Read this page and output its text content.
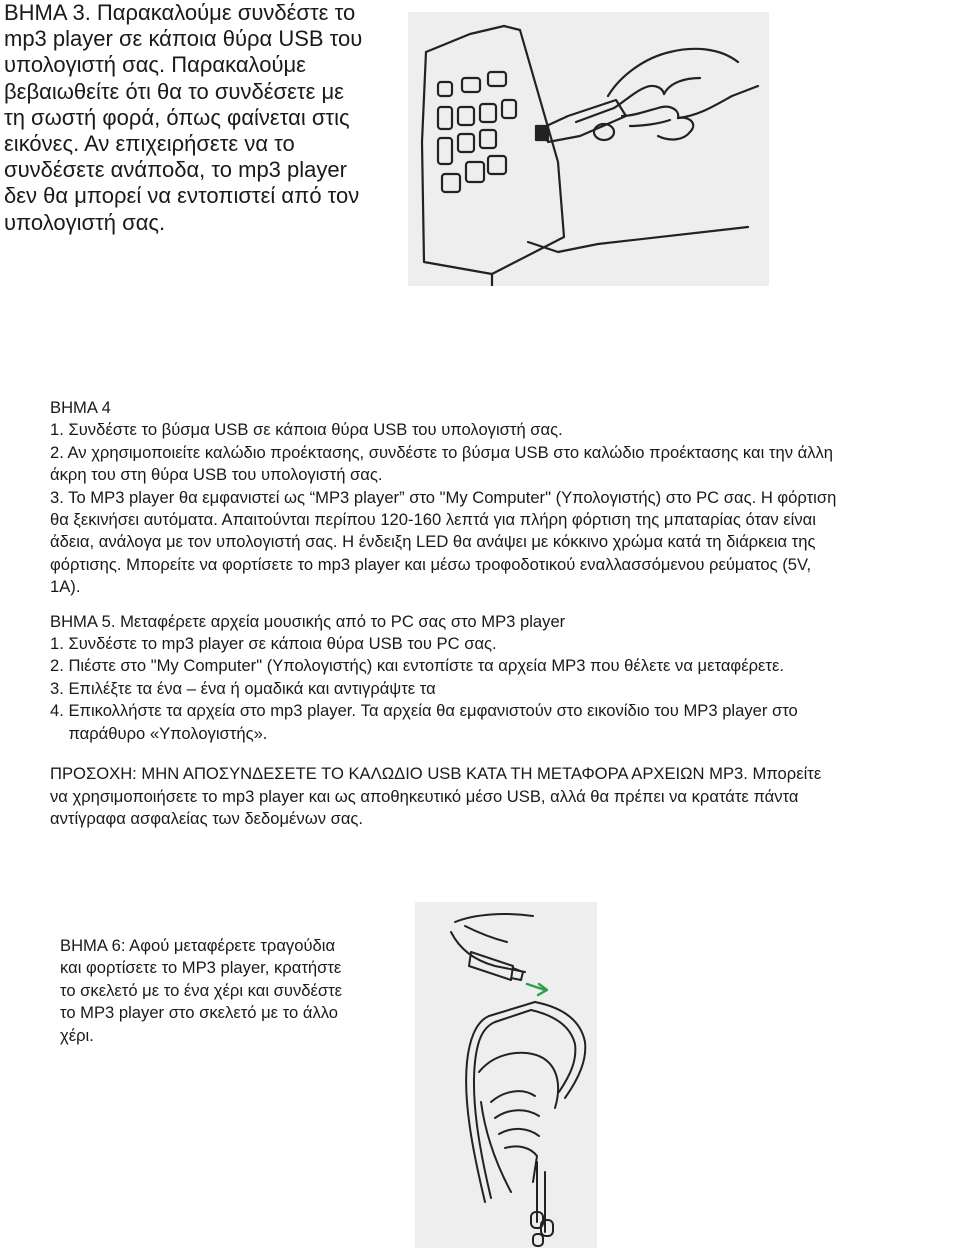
ΒΗΜΑ 3. Παρακαλούμε συνδέστε το
mp3 player σε κάποια θύρα USB του
υπολογιστή σας. Παρακαλούμε
βεβαιωθείτε ότι θα το συνδέσετε με
τη σωστή φορά, όπως φαίνεται στις
εικόνες. Αν επιχειρήσετε να το
συνδέσετε ανάποδα, το mp3 player
δεν θα μπορεί να εντοπιστεί από τον
υπολογιστή σας.
ΒΗΜΑ 4
1. Συνδέστε το βύσμα USB σε κάποια θύρα USB του υπολογιστή σας.
2. Αν χρησιμοποιείτε καλώδιο προέκτασης, συνδέστε το βύσμα USB στο καλώδιο προέκτασης και την άλλη
άκρη του στη θύρα USB του υπολογιστή σας.
3. Το MP3 player θα εμφανιστεί ως “MP3 player” στο "My Computer" (Υπολογιστής) στο PC σας. Η φόρτιση
θα ξεκινήσει αυτόματα. Απαιτούνται περίπου 120-160 λεπτά για πλήρη φόρτιση της μπαταρίας όταν είναι
άδεια, ανάλογα με τον υπολογιστή σας. Η ένδειξη LED θα ανάψει με κόκκινο χρώμα κατά τη διάρκεια της
φόρτισης. Μπορείτε να φορτίσετε το mp3 player και μέσω τροφοδοτικού εναλλασσόμενου ρεύματος (5V,
1A).
ΒΗΜΑ 5. Μεταφέρετε αρχεία μουσικής από το PC σας στο MP3 player
1. Συνδέστε το mp3 player σε κάποια θύρα USB του PC σας.
2. Πιέστε στο "My Computer" (Υπολογιστής) και εντοπίστε τα αρχεία MP3 που θέλετε να μεταφέρετε.
3. Επιλέξτε τα ένα – ένα ή ομαδικά και αντιγράψτε τα
4. Επικολλήστε τα αρχεία στο mp3 player. Τα αρχεία θα εμφανιστούν στο εικονίδιο του MP3 player στο
παράθυρο «Υπολογιστής».
ΠΡΟΣΟΧΗ: ΜΗΝ ΑΠΟΣΥΝΔΕΣΕΤΕ ΤΟ ΚΑΛΩΔΙΟ USB ΚΑΤΑ ΤΗ ΜΕΤΑΦΟΡΑ ΑΡΧΕΙΩΝ MP3. Μπορείτε
να χρησιμοποιήσετε το mp3 player και ως αποθηκευτικό μέσο USB, αλλά θα πρέπει να κρατάτε πάντα
αντίγραφα ασφαλείας των δεδομένων σας.
ΒΗΜΑ 6: Αφού μεταφέρετε τραγούδια
και φορτίσετε το MP3 player, κρατήστε
το σκελετό με το ένα χέρι και συνδέστε
το MP3 player στο σκελετό με το άλλο
χέρι.
